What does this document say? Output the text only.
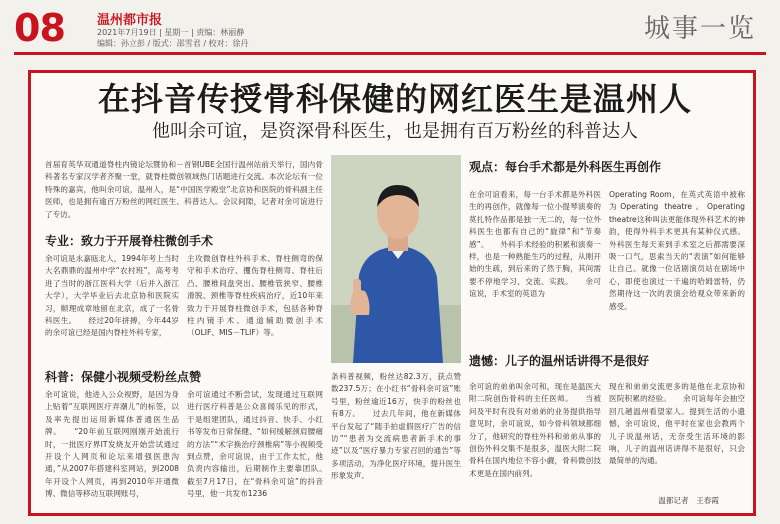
08 温州都市报
2021年7月19日 | 星期一 | 责编：林丽静
编辑：孙立彭 / 版式：邵雪君 / 校对：徐丹	城事一览
在抖音传授骨科保健的网红医生是温州人
他叫余可谊，是资深骨科医生，也是拥有百万粉丝的科普达人
首届育英华双通道脊柱内镜论坛暨协和－首钢UBE全国行温州站前天举行，国内骨科著名专家汉学者齐聚一堂，就脊柱微创领域热门话题进行交流。本次论坛有一位特殊的嘉宾，他叫余可谊，温州人，是“中国医学殿堂”北京协和医院的骨科副主任医师，也是拥有逾百万粉丝的网红医生、科普达人。会议间隙，记者对余可谊进行了专访。
专业：致力于开展脊柱微创手术
余可谊是永嘉瓯北人，1994年考上当时大名鼎鼎的温州中学“农村班”，高考考进了当时的浙江医科大学（后并入浙江大学），大学毕业后去北京协和医院实习，顺理成章地留在北京，成了一名骨科医生。　　经过20年拼搏，今年44岁的余可谊已经是国内脊柱外科专家，
主攻微创脊柱外科手术、脊柱侧弯的保守和手术治疗、攫伤脊柱侧弯、脊柱后凸、腰椎间盘突出、腰椎管狭窄、腰椎滑脱、颈椎等脊柱疾病治疗，近10年来致力于开展脊柱微创手术，包括各种脊柱内镜手术、通道辅助微创手术（OLIF、MIS－TLIF）等。
科普：保健小视频受粉丝点赞
余可谊说，他进入公众视野，是因为身上贴着“互联网医疗弄潮儿”的标签，以及率先提出运用新媒体普通医生品牌。　　“20年前互联网刚刚开始流行时，一批医疗界IT发烧友开始尝试通过开设个人网页和论坛来增强医患沟通，”从2007年搭建科室网站，到2008年开设个人网页，再到2010年开通微博、微信等移动互联网账号，
余可谊通过不断尝试，发现通过互联网进行医疗科普是公众喜闻乐见的形式，于是组建团队，通过抖音、快手、小红书等发布日常保健、“如何缓解颈肩腰痛的方法”“术字换治疗颈椎病”等小视频受到点赞，余可谊说，由于工作太忙，他负责内容输出，后期制作主要靠团队。　　截至7月17日，在“骨科余可谊”的抖音号里，他一共发布1236
条科普视频，粉丝达82.3万，获点赞数237.5万；在小红书“骨科余可谊”账号里，粉丝逾近16万，快手的粉丝也有8万。　　过去几年间，他在新媒体平台发起了“随手拍虚假医疗广告的信访”“患者为交流病患者新手术的事迹”以及“医疗暴力专家召回的通告”等多项活动，为净化医疗环境，提升医生形象发声。
观点：每台手术都是外科医生再创作
在余可谊看来，每一台手术都是外科医生的再创作，就像每一位小提琴演奏的莫扎特作品都是独一无二的，每一位外科医生也都有自己的“旋律”和“节奏感”。　　外科手术经验的积累和演奏一样，也是一种熟能生巧的过程，从刚开始的生疏，到后来的了然于胸，其间需要不停地学习、交流、实践。　　余可谊说，手术室的英语为
Operating Room，在英式英语中被称为Operating theatre。Operating theatre这种叫法更能体现外科艺术的神韵，使得外科手术更具有某种仪式感。外科医生每天来到手术室之后都需要深吸一口气，思索当天的“表演”如何能够让自己。就像一位话剧演员站在剧场中心，即使也演过一千遍的哈姆雷特，仍然期待这一次的表演会给观众带来新的感受。
遗憾：儿子的温州话讲得不是很好
余可谊的弟弟叫余可和，现在是温医大附二院创伤骨科的主任医师。　　当被问及平时有没有对弟弟的业务提供指导意见时，余可谊说，如今骨科领域都细分了，他研究的脊柱外科和弟弟从事的创伤外科交集不是很多，温医大附二院骨科在国内地位不容小觑，骨科微创技术更是在国内前列。
现在和弟弟交流更多的是他在北京协和医院积累的经验。　　余可谊每年会抽空回几趟温州看望家人。提到生活的小遗憾，余可谊说，他平时在家也会教两个儿子说温州话，无奈受生活环境的影响，儿子的温州话讲得不是很好，只会最简单的沟通。
温都记者　王春霞
